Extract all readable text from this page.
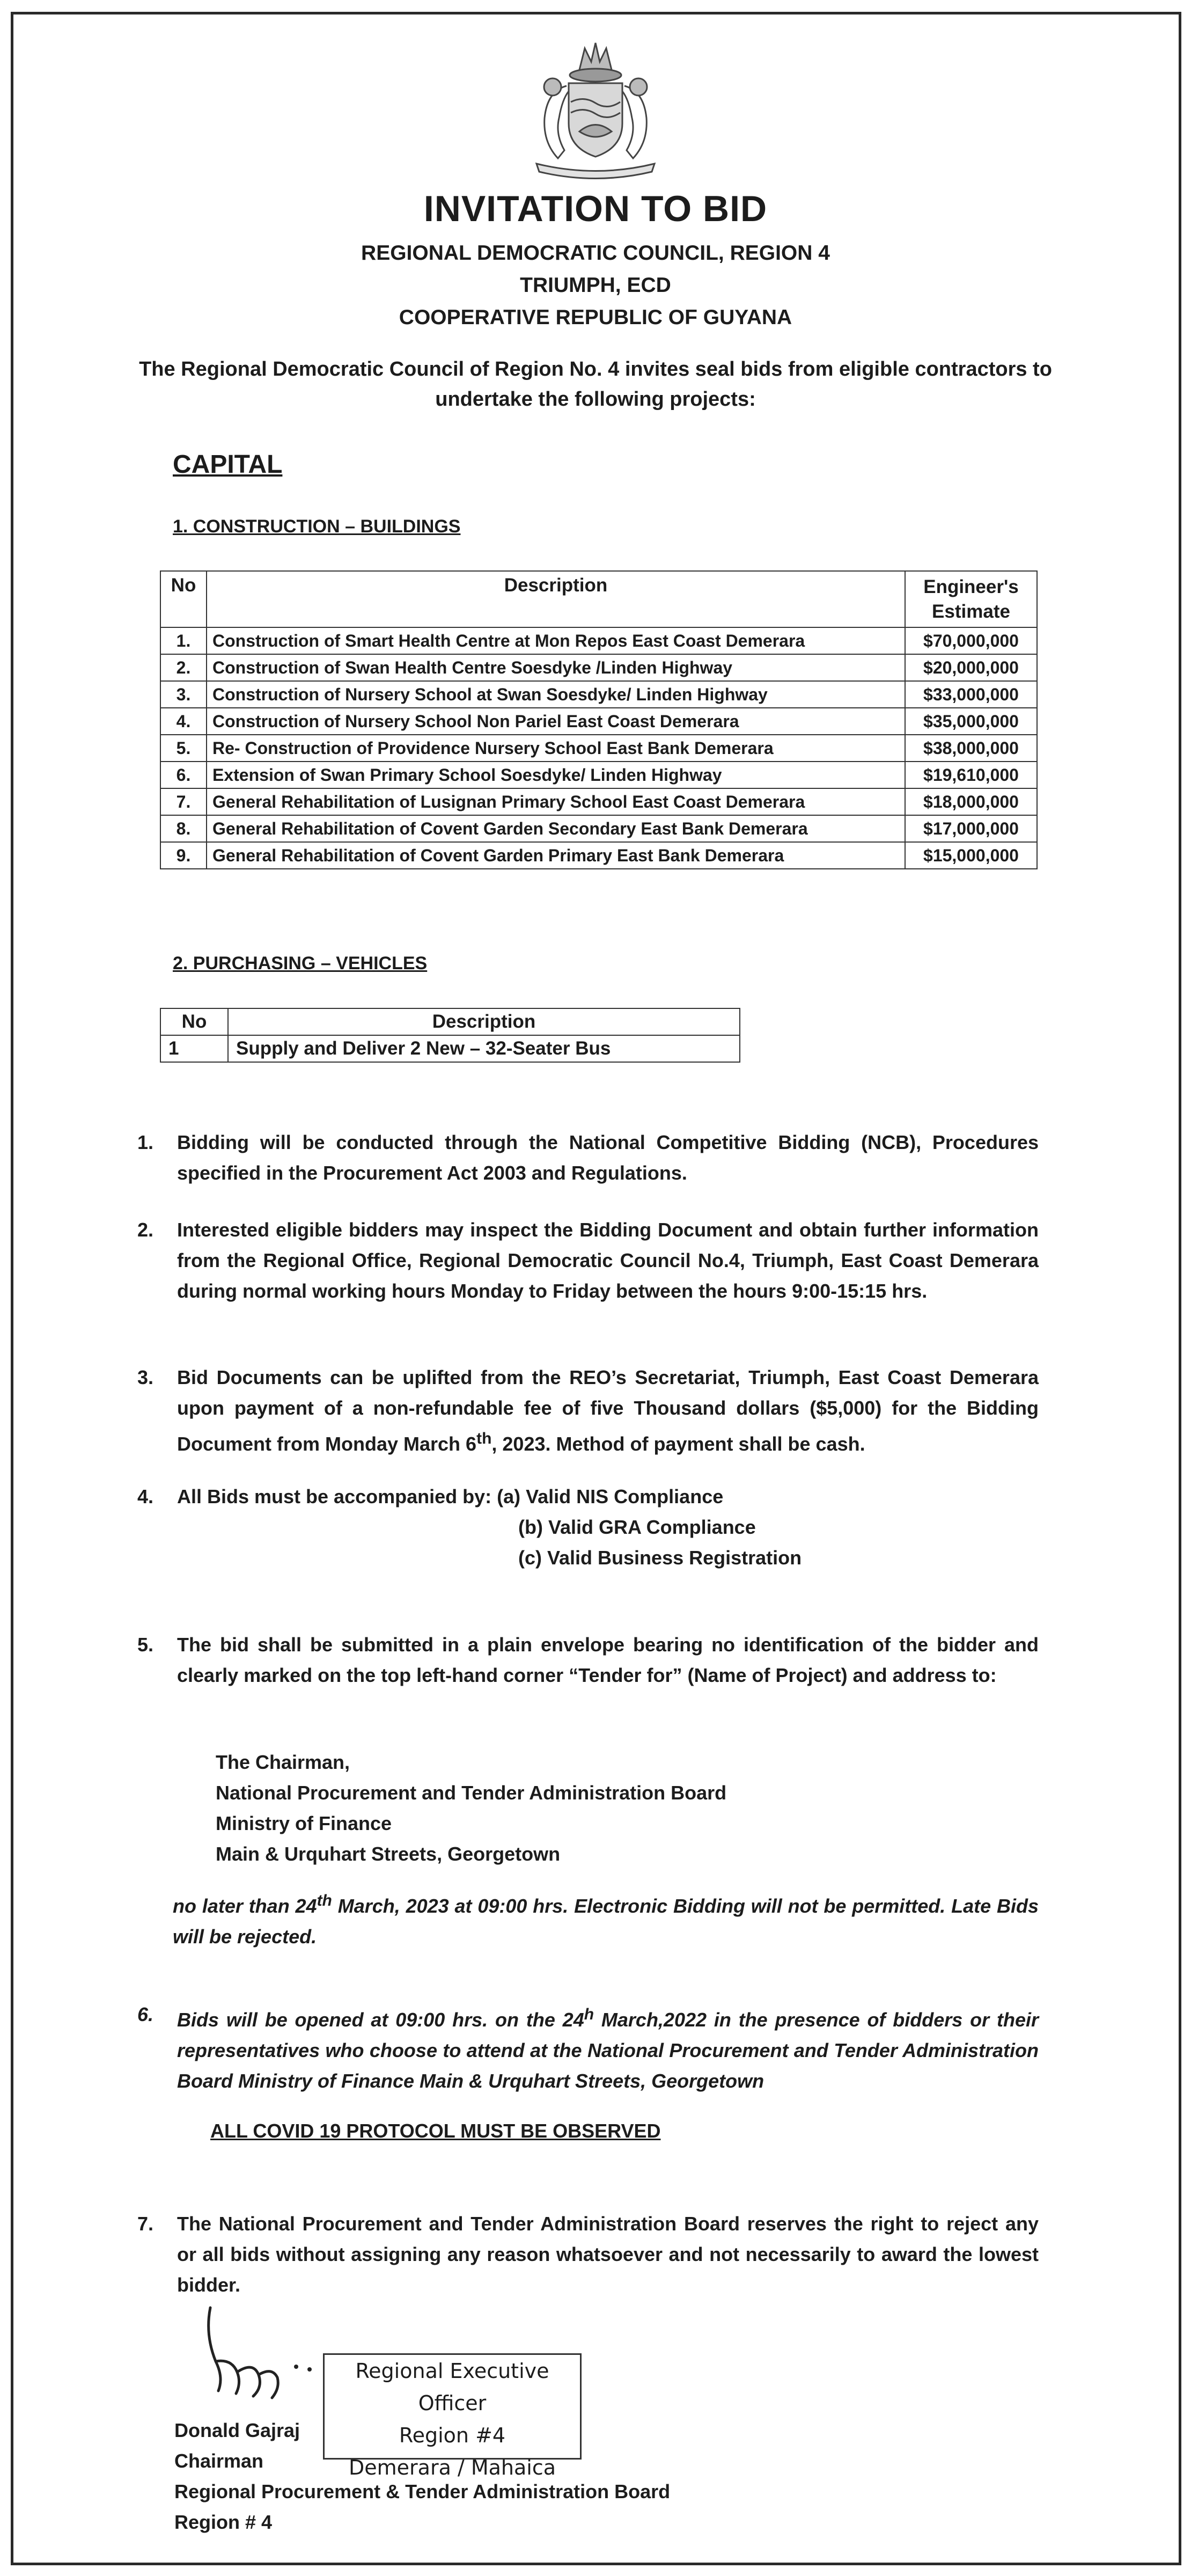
INVITATION TO BID
REGIONAL DEMOCRATIC COUNCIL, REGION 4
TRIUMPH, ECD
COOPERATIVE REPUBLIC OF GUYANA
The Regional Democratic Council of Region No. 4 invites seal bids from eligible contractors to undertake the following projects:
CAPITAL
1. CONSTRUCTION – BUILDINGS
No	Description	Engineer's Estimate
1.	Construction of Smart Health Centre at Mon Repos East Coast Demerara	$70,000,000
2.	Construction of Swan Health Centre Soesdyke /Linden Highway	$20,000,000
3.	Construction of Nursery School at Swan Soesdyke/ Linden Highway	$33,000,000
4.	Construction of Nursery School Non Pariel East Coast Demerara	$35,000,000
5.	Re- Construction of Providence Nursery School East Bank Demerara	$38,000,000
6.	Extension of Swan Primary School Soesdyke/ Linden Highway	$19,610,000
7.	General Rehabilitation of Lusignan Primary School East Coast Demerara	$18,000,000
8.	General Rehabilitation of Covent Garden Secondary East Bank Demerara	$17,000,000
9.	General Rehabilitation of Covent Garden Primary East Bank Demerara	$15,000,000
2. PURCHASING – VEHICLES
No	Description
1	Supply and Deliver 2 New – 32-Seater Bus
1.	Bidding will be conducted through the National Competitive Bidding (NCB), Procedures specified in the Procurement Act 2003 and Regulations.
2.	Interested eligible bidders may inspect the Bidding Document and obtain further information from the Regional Office, Regional Democratic Council No.4, Triumph, East Coast Demerara during normal working hours Monday to Friday between the hours 9:00-15:15 hrs.
3.	Bid Documents can be uplifted from the REO’s Secretariat, Triumph, East Coast Demerara upon payment of a non-refundable fee of five Thousand dollars ($5,000) for the Bidding Document from Monday March 6th, 2023. Method of payment shall be cash.
4.	All Bids must be accompanied by: (a) Valid NIS Compliance
(b) Valid GRA Compliance
(c) Valid Business Registration
5.	The bid shall be submitted in a plain envelope bearing no identification of the bidder and clearly marked on the top left-hand corner “Tender for” (Name of Project) and address to:
The Chairman,
National Procurement and Tender Administration Board
Ministry of Finance
Main & Urquhart Streets, Georgetown
no later than 24th March, 2023 at 09:00 hrs. Electronic Bidding will not be permitted. Late Bids will be rejected.
6.	Bids will be opened at 09:00 hrs. on the 24$^h$ March,2022 in the presence of bidders or their representatives who choose to attend at the National Procurement and Tender Administration Board Ministry of Finance Main & Urquhart Streets, Georgetown
ALL COVID 19 PROTOCOL MUST BE OBSERVED
7.	The National Procurement and Tender Administration Board reserves the right to reject any or all bids without assigning any reason whatsoever and not necessarily to award the lowest bidder.
Regional Executive Officer
Region #4
Demerara / Mahaica
Donald Gajraj
Chairman
Regional Procurement & Tender Administration Board
Region # 4
